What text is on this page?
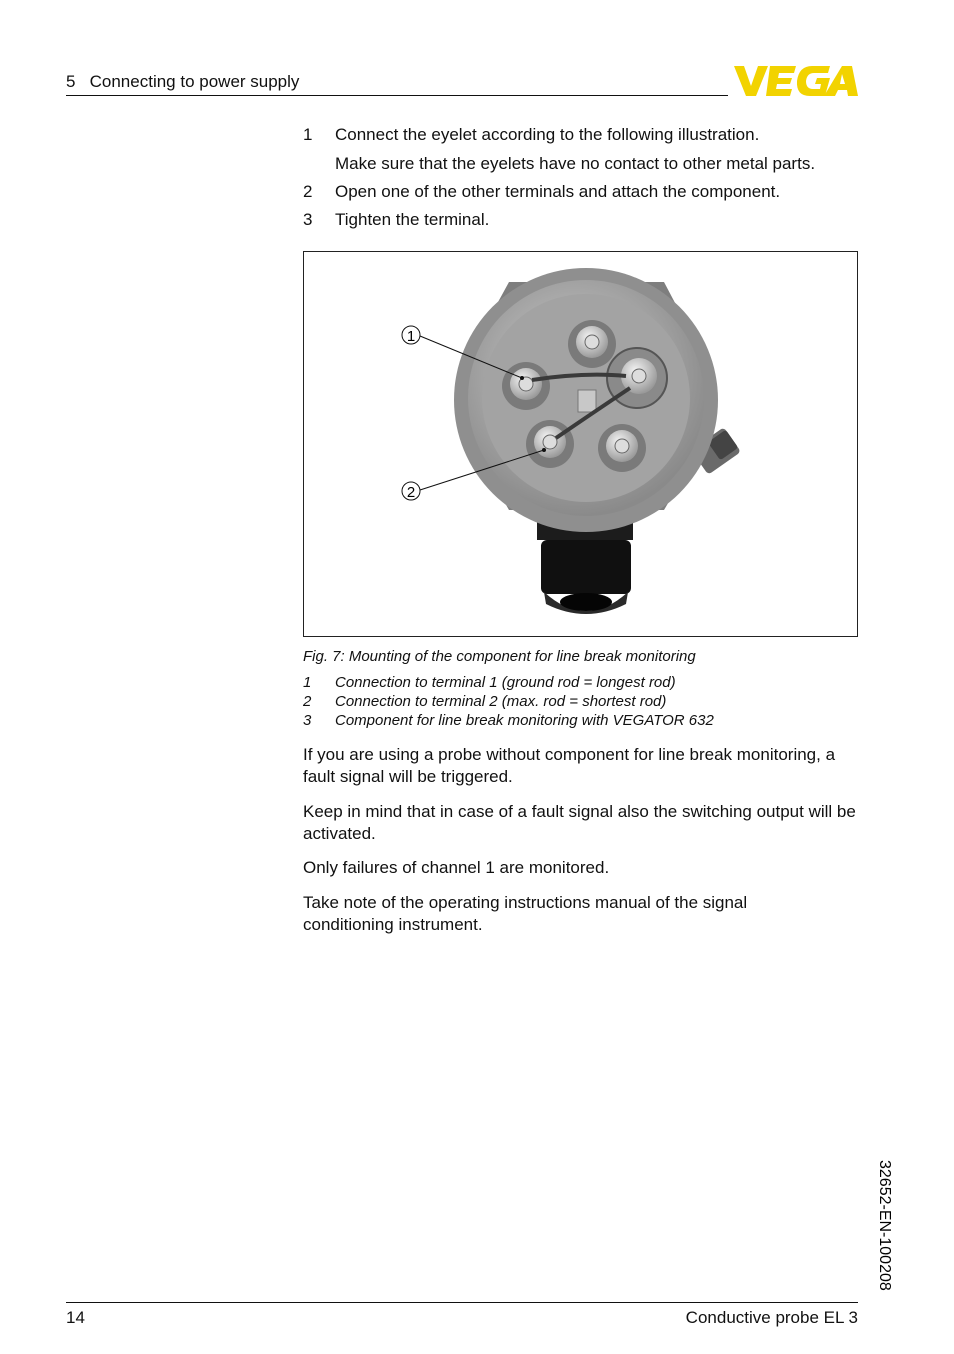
5   Connecting to power supply
1 Connect the eyelet according to the following illustration.
Make sure that the eyelets have no contact to other metal parts.
2 Open one of the other terminals and attach the component.
3 Tighten the terminal.
1
2
Fig. 7: Mounting of the component for line break monitoring
1 Connection to terminal 1 (ground rod = longest rod)
2 Connection to terminal 2 (max. rod = shortest rod)
3 Component for line break monitoring with VEGATOR 632
If you are using a probe without component for line break monitoring, a fault signal will be triggered.
Keep in mind that in case of a fault signal also the switching output will be activated.
Only failures of channel 1 are monitored.
Take note of the operating instructions manual of the signal conditioning instrument.
32652-EN-100208
14	Conductive probe EL 3
